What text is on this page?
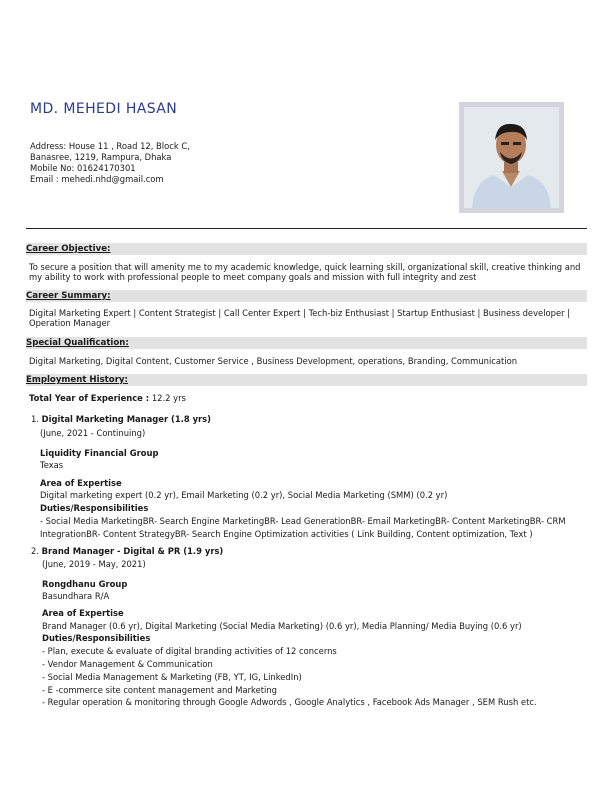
MD. MEHEDI HASAN
Address: House 11 , Road 12, Block C,
Banasree, 1219, Rampura, Dhaka
Mobile No: 01624170301
Email : mehedi.nhd@gmail.com
Career Objective:
To secure a position that will amenity me to my academic knowledge, quick learning skill, organizational skill, creative thinking and my ability to work with professional people to meet company goals and mission with full integrity and zest
Career Summary:
Digital Marketing Expert | Content Strategist | Call Center Expert | Tech-biz Enthusiast | Startup Enthusiast | Business developer | Operation Manager
Special Qualification:
Digital Marketing, Digital Content, Customer Service , Business Development, operations, Branding, Communication
Employment History:
Total Year of Experience : 12.2 yrs
1. Digital Marketing Manager (1.8 yrs)
(June, 2021 - Continuing)
Liquidity Financial Group
Texas
Area of Expertise
Digital marketing expert (0.2 yr), Email Marketing (0.2 yr), Social Media Marketing (SMM) (0.2 yr)
Duties/Responsibilities
- Social Media MarketingBR- Search Engine MarketingBR- Lead GenerationBR- Email MarketingBR- Content MarketingBR- CRM
IntegrationBR- Content StrategyBR- Search Engine Optimization activities ( Link Building, Content optimization, Text )
2. Brand Manager - Digital & PR (1.9 yrs)
(June, 2019 - May, 2021)
Rongdhanu Group
Basundhara R/A
Area of Expertise
Brand Manager (0.6 yr), Digital Marketing (Social Media Marketing) (0.6 yr), Media Planning/ Media Buying (0.6 yr)
Duties/Responsibilities
- Plan, execute & evaluate of digital branding activities of 12 concerns
- Vendor Management & Communication
- Social Media Management & Marketing (FB, YT, IG, LinkedIn)
- E -commerce site content management and Marketing
- Regular operation & monitoring through Google Adwords , Google Analytics , Facebook Ads Manager , SEM Rush etc.
